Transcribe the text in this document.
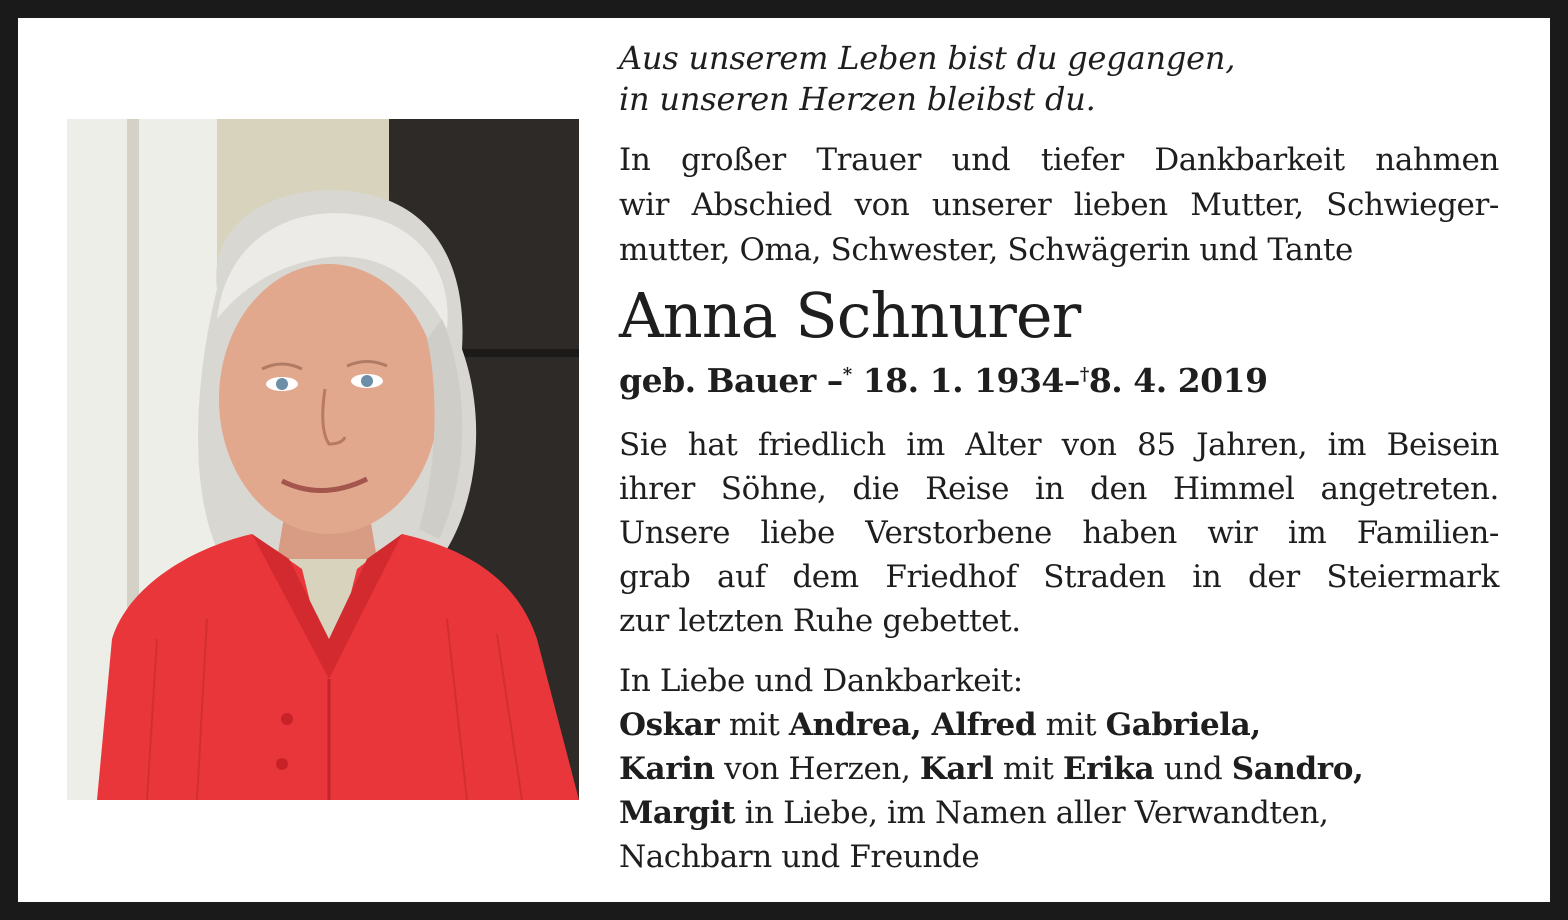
Aus unserem Leben bist du gegangen,
in unseren Herzen bleibst du.

In großer Trauer und tiefer Dankbarkeit nahmen
wir Abschied von unserer lieben Mutter, Schwieger-
mutter, Oma, Schwester, Schwägerin und Tante

Anna Schnurer

geb. Bauer –* 18. 1. 1934–†8. 4. 2019

Sie hat friedlich im Alter von 85 Jahren, im Beisein
ihrer Söhne, die Reise in den Himmel angetreten.
Unsere liebe Verstorbene haben wir im Familien-
grab auf dem Friedhof Straden in der Steiermark
zur letzten Ruhe gebettet.

In Liebe und Dankbarkeit:

Oskar mit Andrea, Alfred mit Gabriela,
Karin von Herzen, Karl mit Erika und Sandro,
Margit in Liebe, im Namen aller Verwandten,
Nachbarn und Freunde
